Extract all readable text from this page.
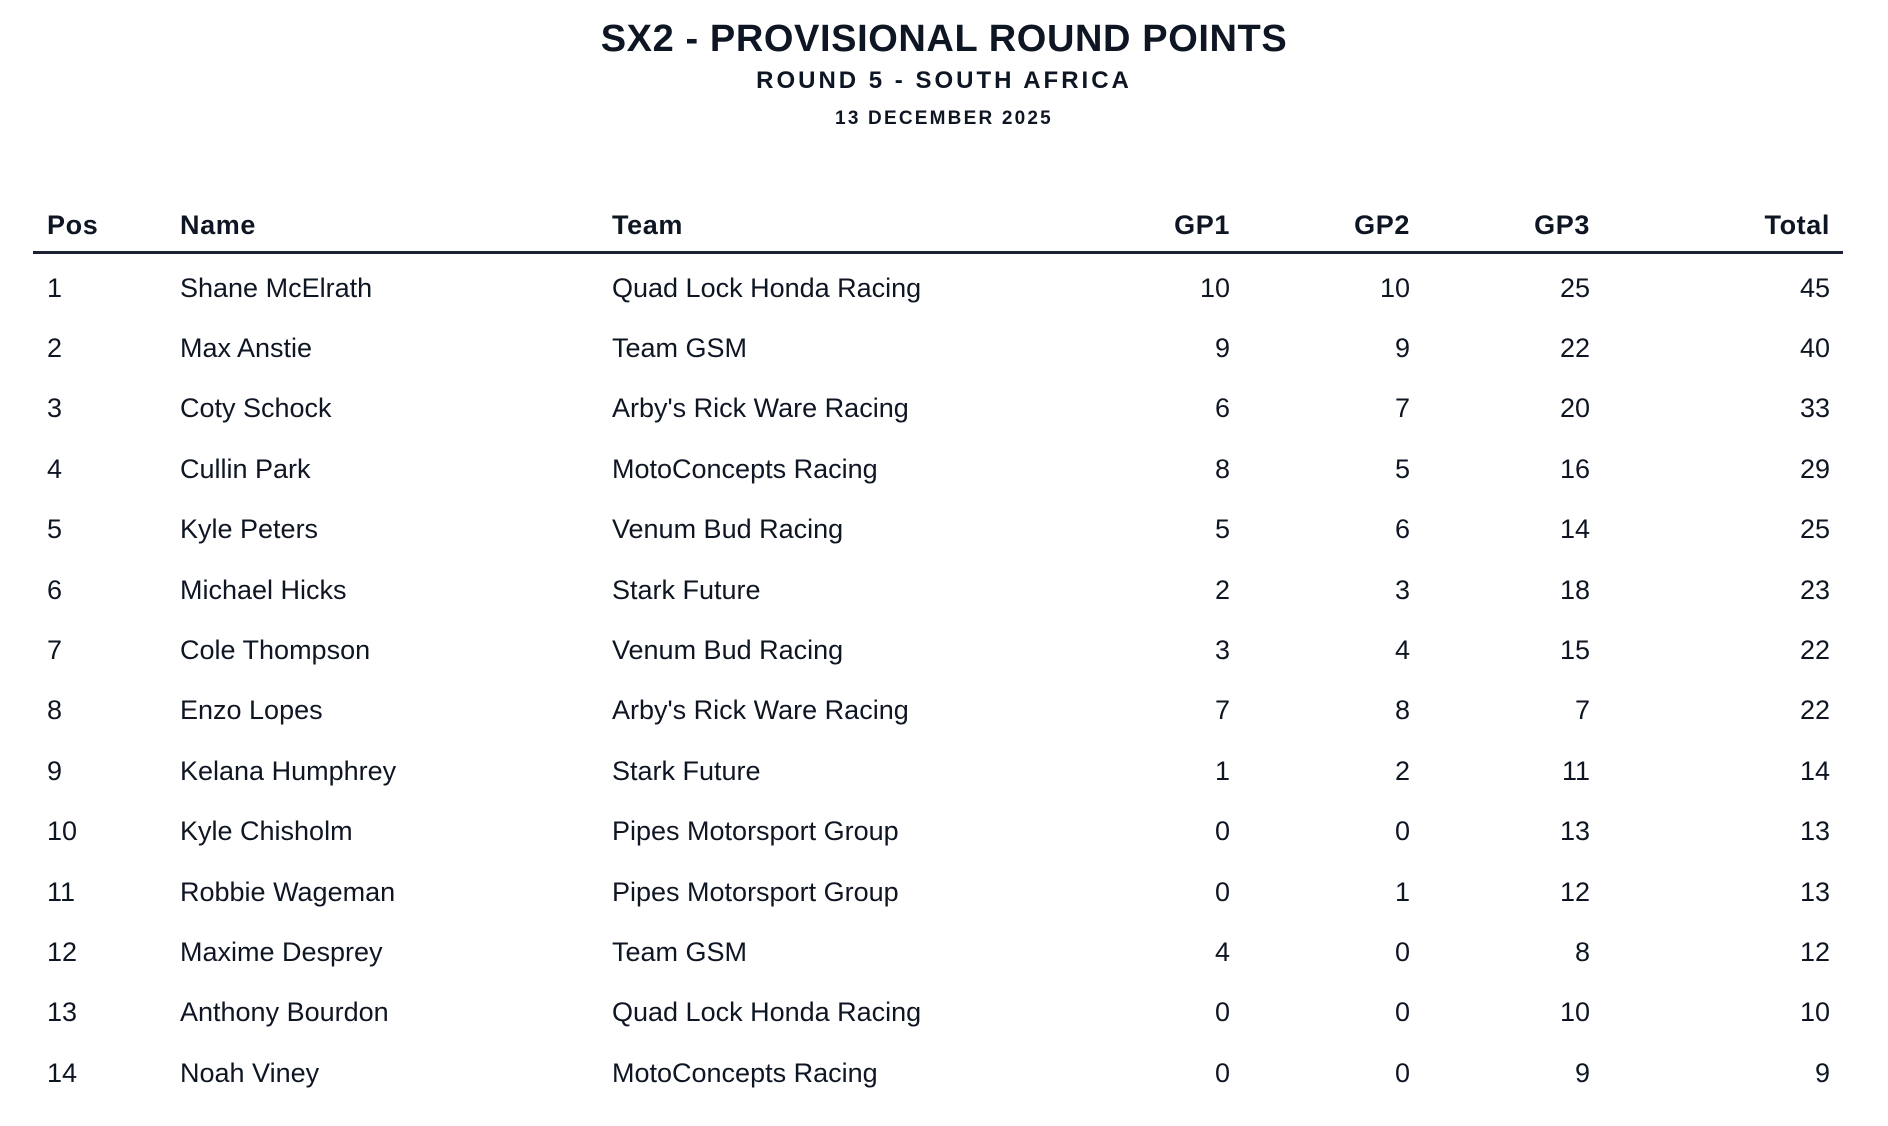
SX2 - PROVISIONAL ROUND POINTS
ROUND 5 - SOUTH AFRICA
13 DECEMBER 2025
Pos	Name	Team	GP1	GP2	GP3	Total
1	Shane McElrath	Quad Lock Honda Racing	10	10	25	45
2	Max Anstie	Team GSM	9	9	22	40
3	Coty Schock	Arby's Rick Ware Racing	6	7	20	33
4	Cullin Park	MotoConcepts Racing	8	5	16	29
5	Kyle Peters	Venum Bud Racing	5	6	14	25
6	Michael Hicks	Stark Future	2	3	18	23
7	Cole Thompson	Venum Bud Racing	3	4	15	22
8	Enzo Lopes	Arby's Rick Ware Racing	7	8	7	22
9	Kelana Humphrey	Stark Future	1	2	11	14
10	Kyle Chisholm	Pipes Motorsport Group	0	0	13	13
11	Robbie Wageman	Pipes Motorsport Group	0	1	12	13
12	Maxime Desprey	Team GSM	4	0	8	12
13	Anthony Bourdon	Quad Lock Honda Racing	0	0	10	10
14	Noah Viney	MotoConcepts Racing	0	0	9	9
